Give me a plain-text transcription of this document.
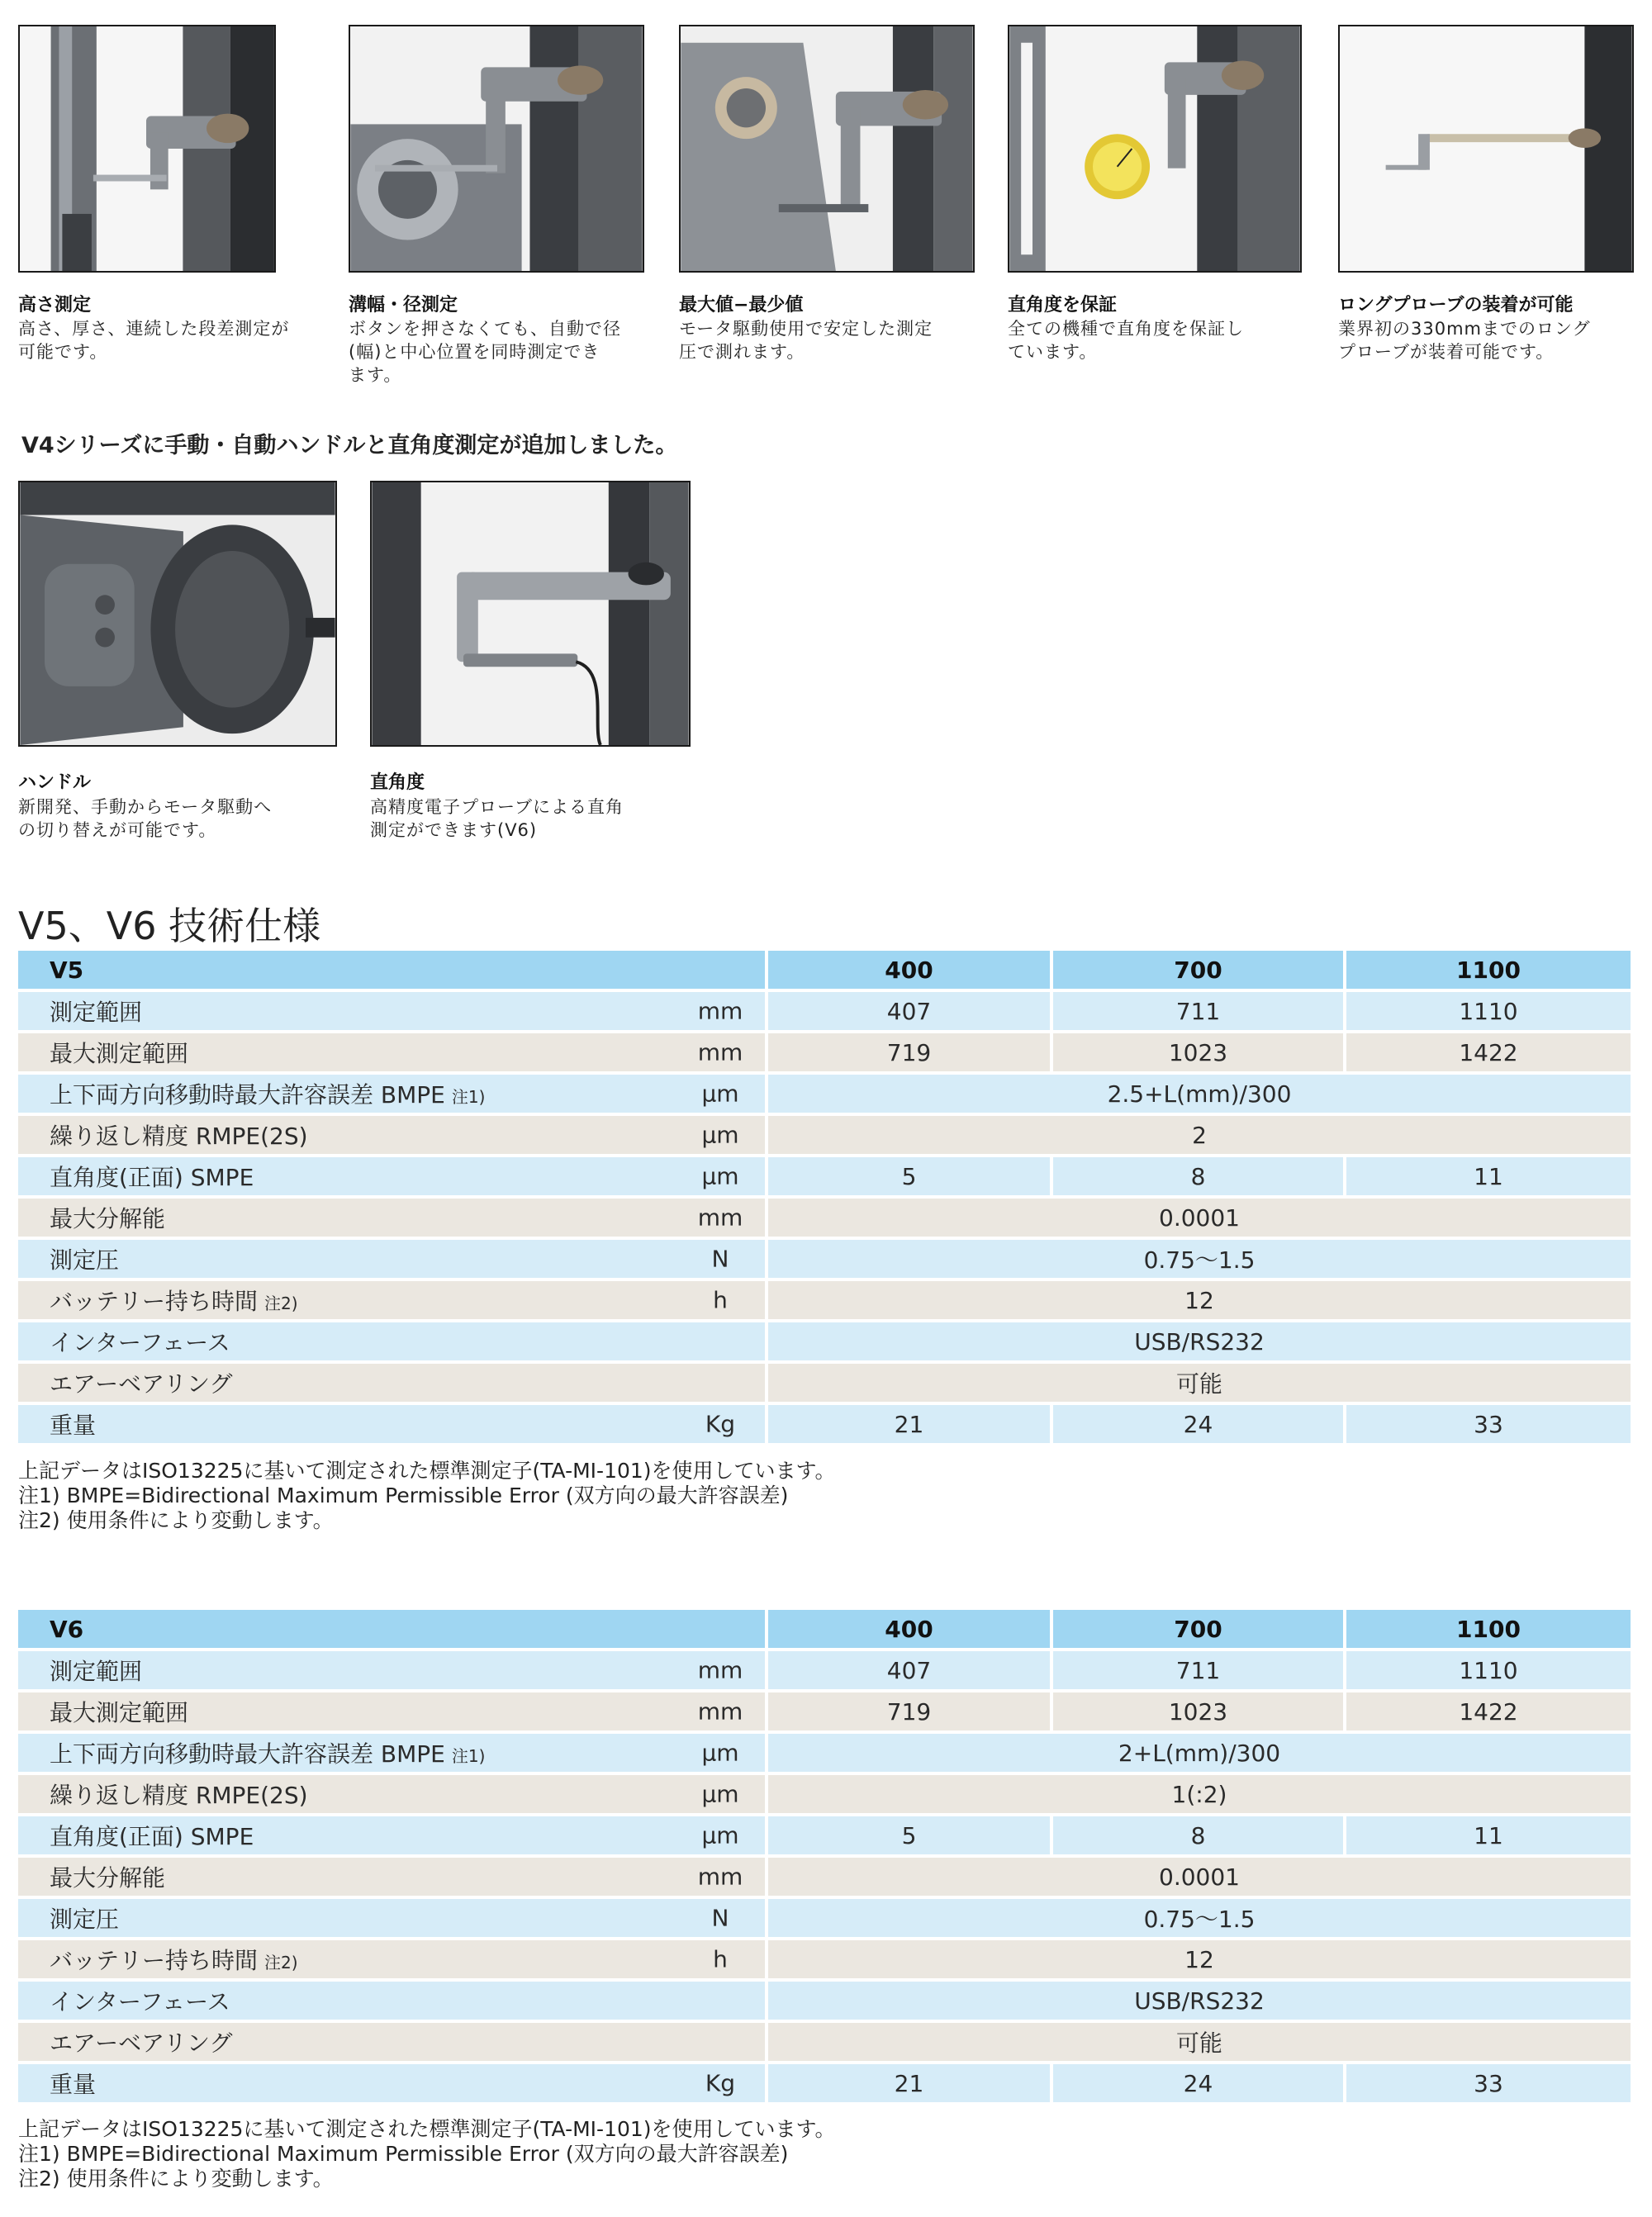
高さ測定
高さ、厚さ、連続した段差測定が
可能です。
溝幅・径測定
ボタンを押さなくても、自動で径
(幅)と中心位置を同時測定でき
ます。
最大値−最少値
モータ駆動使用で安定した測定
圧で測れます。
直角度を保証
全ての機種で直角度を保証し
ています。
ロングプローブの装着が可能
業界初の330mmまでのロング
プローブが装着可能です。
V4シリーズに手動・自動ハンドルと直角度測定が追加しました。
ハンドル
新開発、手動からモータ駆動へ
の切り替えが可能です。
直角度
高精度電子プローブによる直角
測定ができます(V6)
V5、V6 技術仕様
V5	400	700	1100

測定範囲 mm	407	711	1110

最大測定範囲 mm	719	1023	1422

上下両方向移動時最大許容誤差 BMPE 注1) μm	2.5+L(mm)/300		

繰り返し精度 RMPE(2S) μm	2		

直角度(正面) SMPE μm	5	8	11

最大分解能 mm	0.0001		

測定圧 N	0.75〜1.5		

バッテリー持ち時間 注2) h	12		

インターフェース	USB/RS232		

エアーベアリング	可能		

重量 Kg	21	24	33
上記データはISO13225に基いて測定された標準測定子(TA-MI-101)を使用しています。
注1) BMPE=Bidirectional Maximum Permissible Error (双方向の最大許容誤差)
注2) 使用条件により変動します。
V6	400	700	1100

測定範囲 mm	407	711	1110

最大測定範囲 mm	719	1023	1422

上下両方向移動時最大許容誤差 BMPE 注1) μm	2+L(mm)/300		

繰り返し精度 RMPE(2S) μm	1(:2)		

直角度(正面) SMPE μm	5	8	11

最大分解能 mm	0.0001		

測定圧 N	0.75〜1.5		

バッテリー持ち時間 注2) h	12		

インターフェース	USB/RS232		

エアーベアリング	可能		

重量 Kg	21	24	33
上記データはISO13225に基いて測定された標準測定子(TA-MI-101)を使用しています。
注1) BMPE=Bidirectional Maximum Permissible Error (双方向の最大許容誤差)
注2) 使用条件により変動します。
